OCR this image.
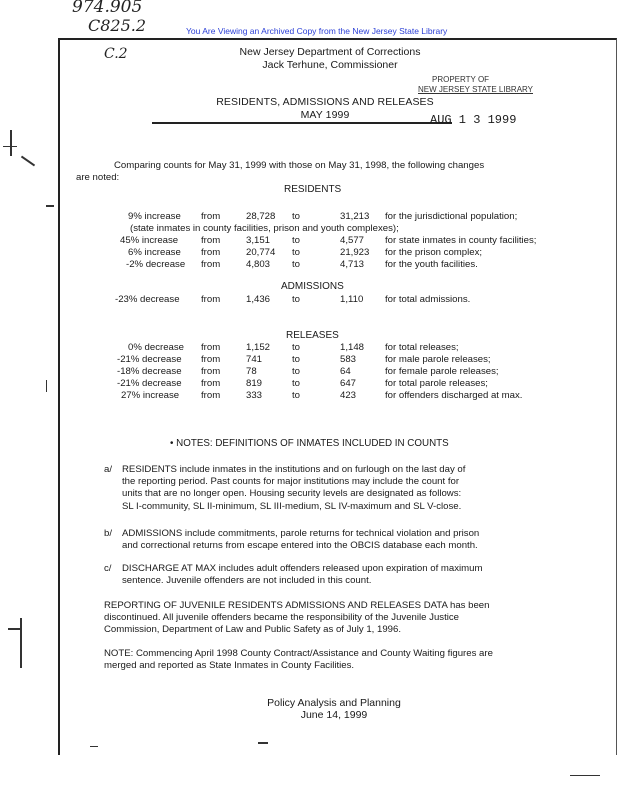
974.905
C825.2	You Are Viewing an Archived Copy from the New Jersey State Library
C.2	New Jersey Department of Corrections
Jack Terhune, Commissioner
PROPERTY OF
NEW JERSEY STATE LIBRARY
RESIDENTS, ADMISSIONS AND RELEASES
MAY 1999	AUG 1 3 1999
Comparing counts for May 31, 1999 with those on May 31, 1998, the following changes
are noted:
RESIDENTS
9% increase from	28,728 to	31,213 for the jurisdictional population;
(state inmates in county facilities, prison and youth complexes);
45% increase from	3,151 to	4,577 for state inmates in county facilities;
6% increase from	20,774 to	21,923 for the prison complex;
-2% decrease from	4,803 to	4,713 for the youth facilities.
ADMISSIONS
-23% decrease from	1,436 to	1,110 for total admissions.
RELEASES
0% decrease from	1,152 to	1,148 for total releases;
-21% decrease from	741	to	583	for male parole releases;
-18% decrease from	78	to	64	for female parole releases;
-21% decrease from	819	to	647	for total parole releases;
27% increase from	333	to	423	for offenders discharged at max.
• NOTES: DEFINITIONS OF INMATES INCLUDED IN COUNTS
a/ RESIDENTS include inmates in the institutions and on furlough on the last day of
the reporting period. Past counts for major institutions may include the count for
units that are no longer open. Housing security levels are designated as follows:
SL I-community, SL II-minimum, SL III-medium, SL IV-maximum and SL V-close.
b/ ADMISSIONS include commitments, parole returns for technical violation and prison
and correctional returns from escape entered into the OBCIS database each month.
c/ DISCHARGE AT MAX includes adult offenders released upon expiration of maximum
sentence. Juvenile offenders are not included in this count.
REPORTING OF JUVENILE RESIDENTS ADMISSIONS AND RELEASES DATA has been
discontinued. All juvenile offenders became the responsibility of the Juvenile Justice
Commission, Department of Law and Public Safety as of July 1, 1996.
NOTE: Commencing April 1998 County Contract/Assistance and County Waiting figures are
merged and reported as State Inmates in County Facilities.
Policy Analysis and Planning
June 14, 1999
